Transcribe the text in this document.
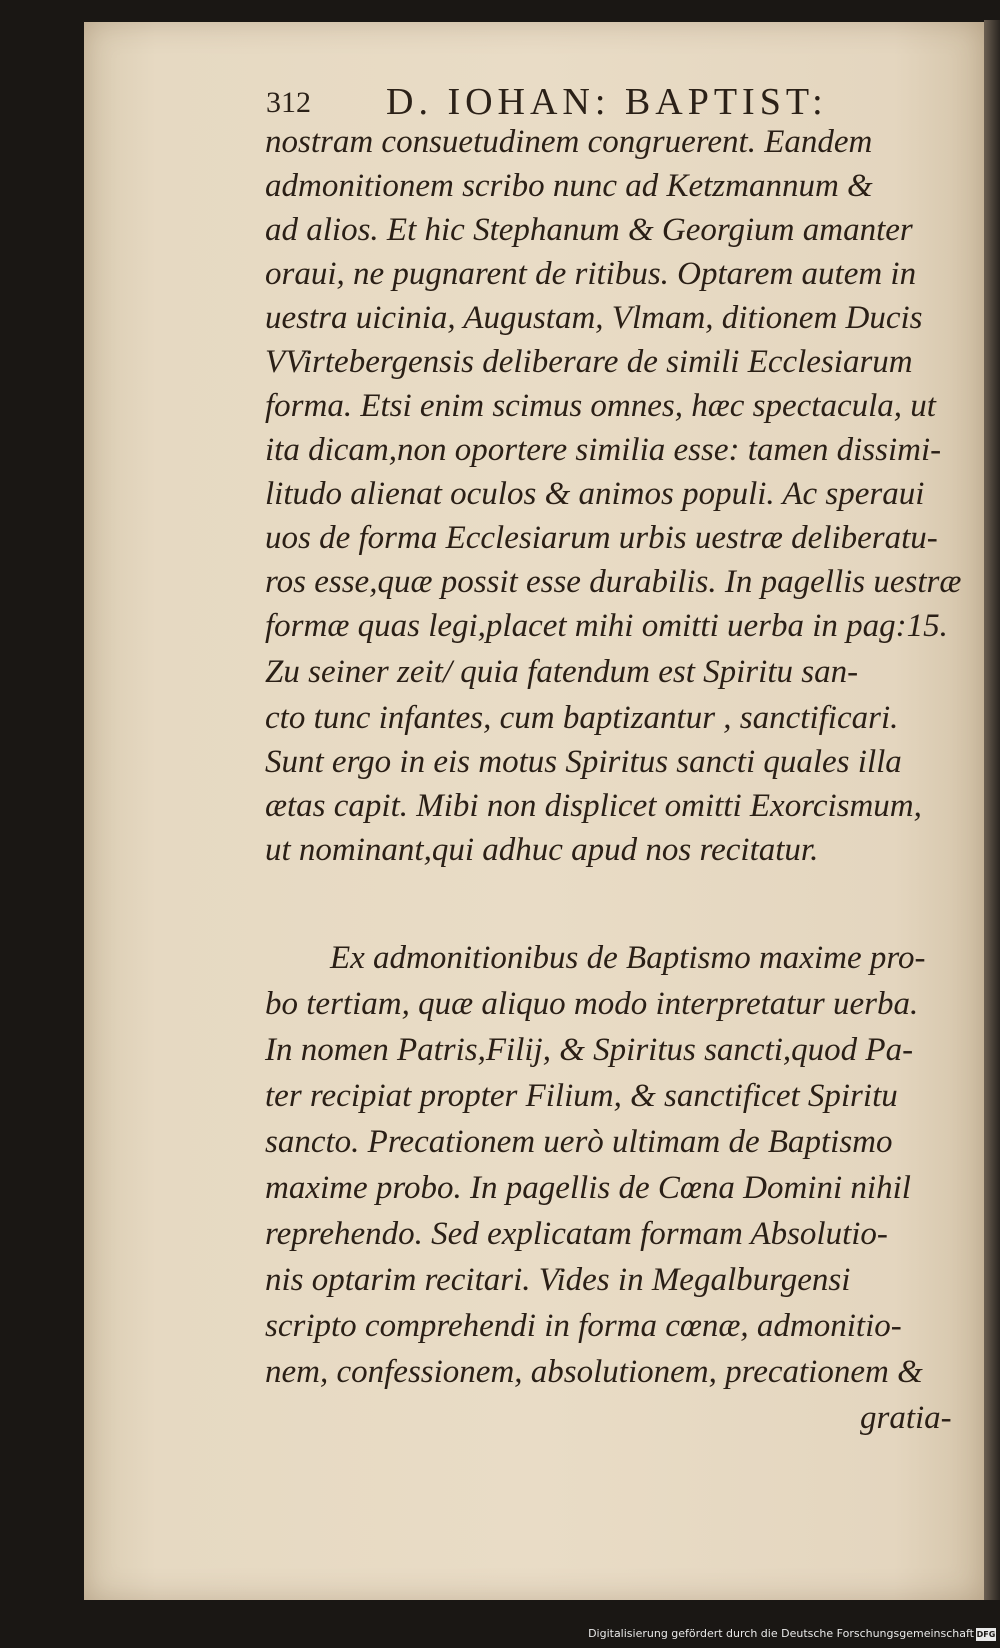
312 D. IOHAN: BAPTIST:
nostram consuetudinem congruerent. Eandem
admonitionem scribo nunc ad Ketzmannum &
ad alios. Et hic Stephanum & Georgium amanter
oraui, ne pugnarent de ritibus. Optarem autem in
uestra uicinia, Augustam, Vlmam, ditionem Ducis
VVirtebergensis deliberare de simili Ecclesiarum
forma. Etsi enim scimus omnes, hæc spectacula, ut
ita dicam,non oportere similia esse: tamen dissimi-
litudo alienat oculos & animos populi. Ac speraui
uos de forma Ecclesiarum urbis uestræ deliberatu-
ros esse,quæ possit esse durabilis. In pagellis uestræ
formæ quas legi,placet mihi omitti uerba in pag:15.
Zu seiner zeit/ quia fatendum est Spiritu san-
cto tunc infantes, cum baptizantur , sanctificari.
Sunt ergo in eis motus Spiritus sancti quales illa
ætas capit. Mibi non displicet omitti Exorcismum,
ut nominant,qui adhuc apud nos recitatur.
Ex admonitionibus de Baptismo maxime pro-
bo tertiam, quæ aliquo modo interpretatur uerba.
In nomen Patris,Filij, & Spiritus sancti,quod Pa-
ter recipiat propter Filium, & sanctificet Spiritu
sancto. Precationem uerò ultimam de Baptismo
maxime probo. In pagellis de Cœna Domini nihil
reprehendo. Sed explicatam formam Absolutio-
nis optarim recitari. Vides in Megalburgensi
scripto comprehendi in forma cœnæ, admonitio-
nem, confessionem, absolutionem, precationem &
gratia-
Digitalisierung gefördert durch die Deutsche Forschungsgemeinschaft DFG
